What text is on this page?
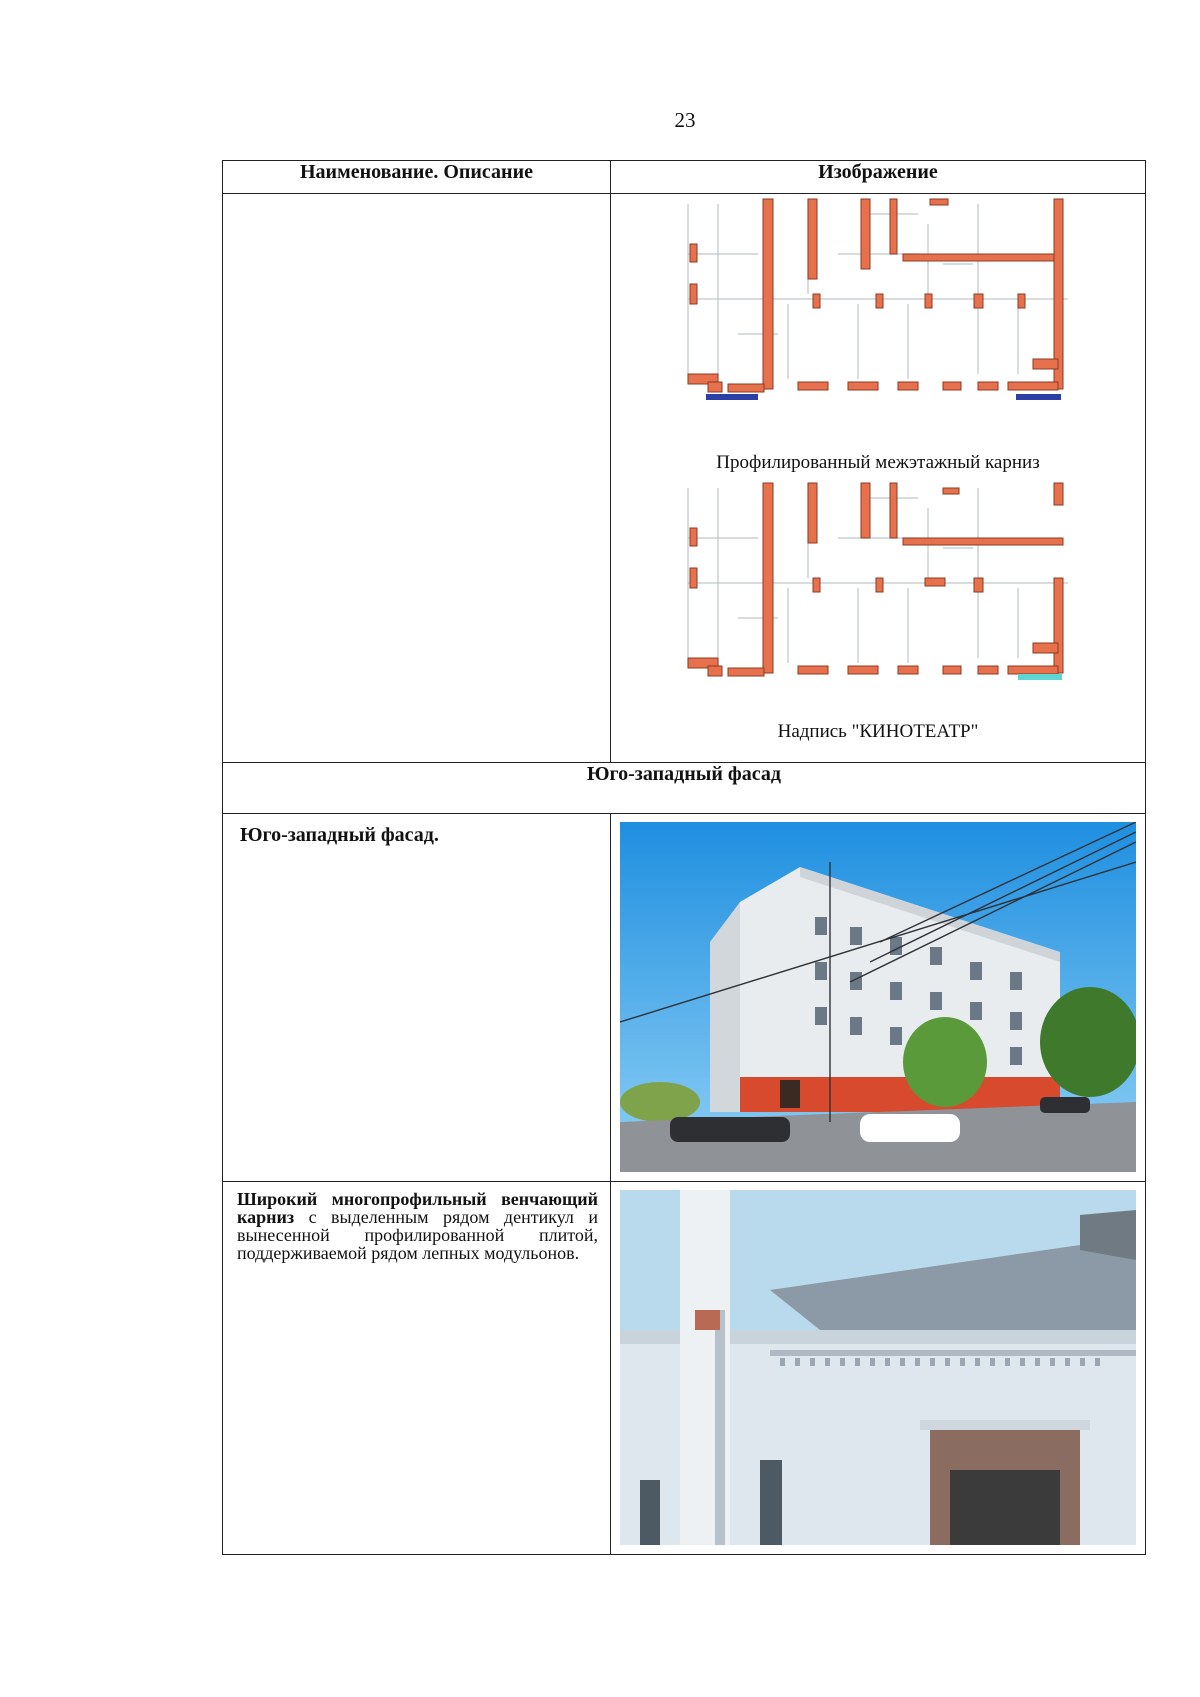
23
Наименование. Описание	Изображение

	Профилированный межэтажный карниз
Надпись "КИНОТЕАТР"

Юго-западный фасад	

Юго-западный фасад.

Широкий многопрофильный венчающий карниз с выделенным рядом дентикул и вынесенной профилированной плитой, поддерживаемой рядом лепных модульонов.
